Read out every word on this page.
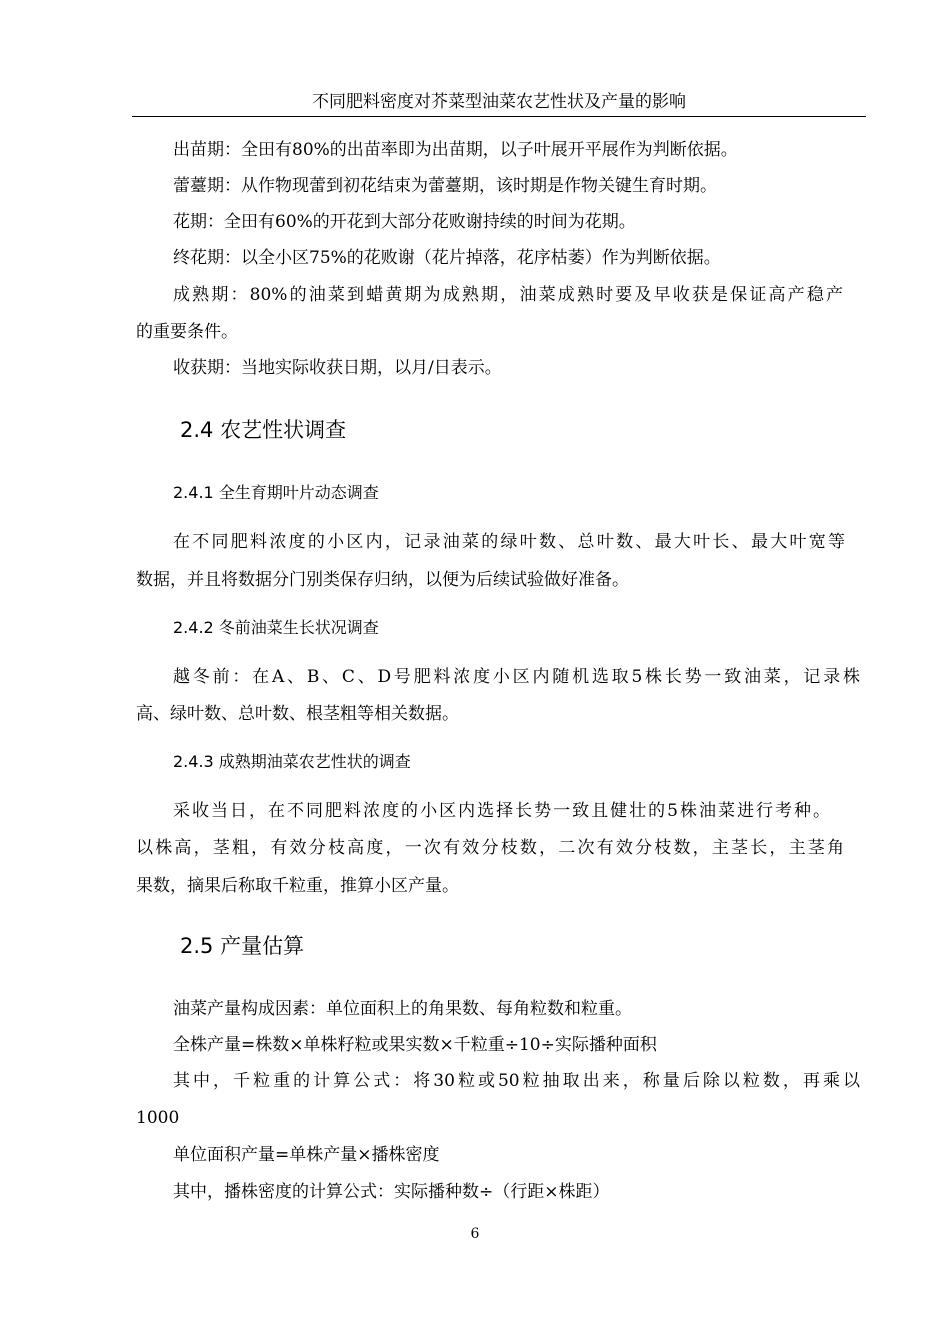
不同肥料密度对芥菜型油菜农艺性状及产量的影响
出苗期：全田有80%的出苗率即为出苗期，以子叶展开平展作为判断依据。
蕾薹期：从作物现蕾到初花结束为蕾薹期，该时期是作物关键生育时期。
花期：全田有60%的开花到大部分花败谢持续的时间为花期。
终花期：以全小区75%的花败谢（花片掉落，花序枯萎）作为判断依据。
成熟期：80%的油菜到蜡黄期为成熟期，油菜成熟时要及早收获是保证高产稳产
的重要条件。
收获期：当地实际收获日期，以月/日表示。
2.4 农艺性状调查
2.4.1 全生育期叶片动态调查
在不同肥料浓度的小区内，记录油菜的绿叶数、总叶数、最大叶长、最大叶宽等
数据，并且将数据分门别类保存归纳，以便为后续试验做好准备。
2.4.2 冬前油菜生长状况调查
越冬前：在A、B、C、D号肥料浓度小区内随机选取5株长势一致油菜，记录株
高、绿叶数、总叶数、根茎粗等相关数据。
2.4.3 成熟期油菜农艺性状的调查
采收当日，在不同肥料浓度的小区内选择长势一致且健壮的5株油菜进行考种。
以株高，茎粗，有效分枝高度，一次有效分枝数，二次有效分枝数，主茎长，主茎角
果数，摘果后称取千粒重，推算小区产量。
2.5 产量估算
油菜产量构成因素：单位面积上的角果数、每角粒数和粒重。
全株产量=株数×单株籽粒或果实数×千粒重÷10÷实际播种面积
其中，千粒重的计算公式：将30粒或50粒抽取出来，称量后除以粒数，再乘以
1000
单位面积产量=单株产量×播株密度
其中，播株密度的计算公式：实际播种数÷（行距×株距）
6
